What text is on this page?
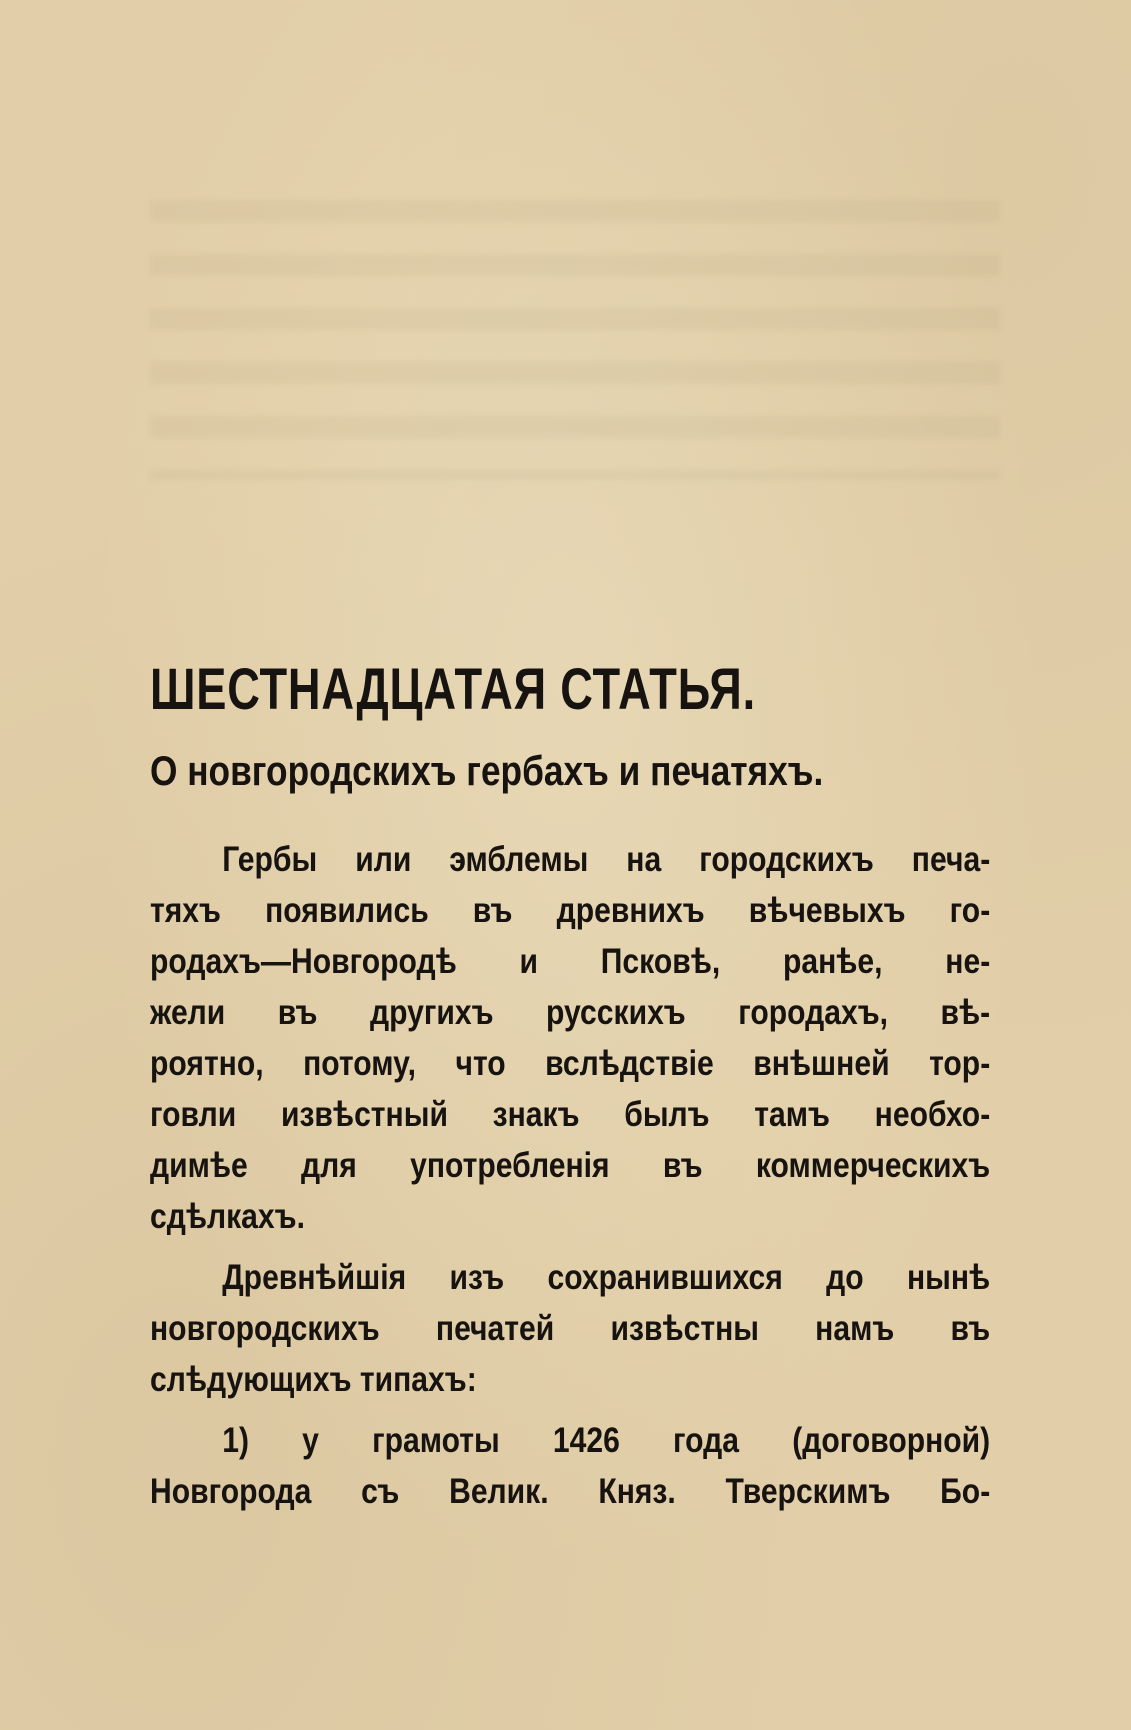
ШЕСТНАДЦАТАЯ СТАТЬЯ.
О новгородскихъ гербахъ и печатяхъ.
Гербы или эмблемы на городскихъ печа-
тяхъ появились въ древнихъ вѣчевыхъ го-
родахъ—Новгородѣ и Псковѣ, ранѣе, не-
жели въ другихъ русскихъ городахъ, вѣ-
роятно, потому, что вслѣдствіе внѣшней тор-
говли извѣстный знакъ былъ тамъ необхо-
димѣе для употребленія въ коммерческихъ
сдѣлкахъ.
Древнѣйшія изъ сохранившихся до нынѣ
новгородскихъ печатей извѣстны намъ въ
слѣдующихъ типахъ:
1) у грамоты 1426 года (договорной)
Новгорода съ Велик. Княз. Тверскимъ Бо-
